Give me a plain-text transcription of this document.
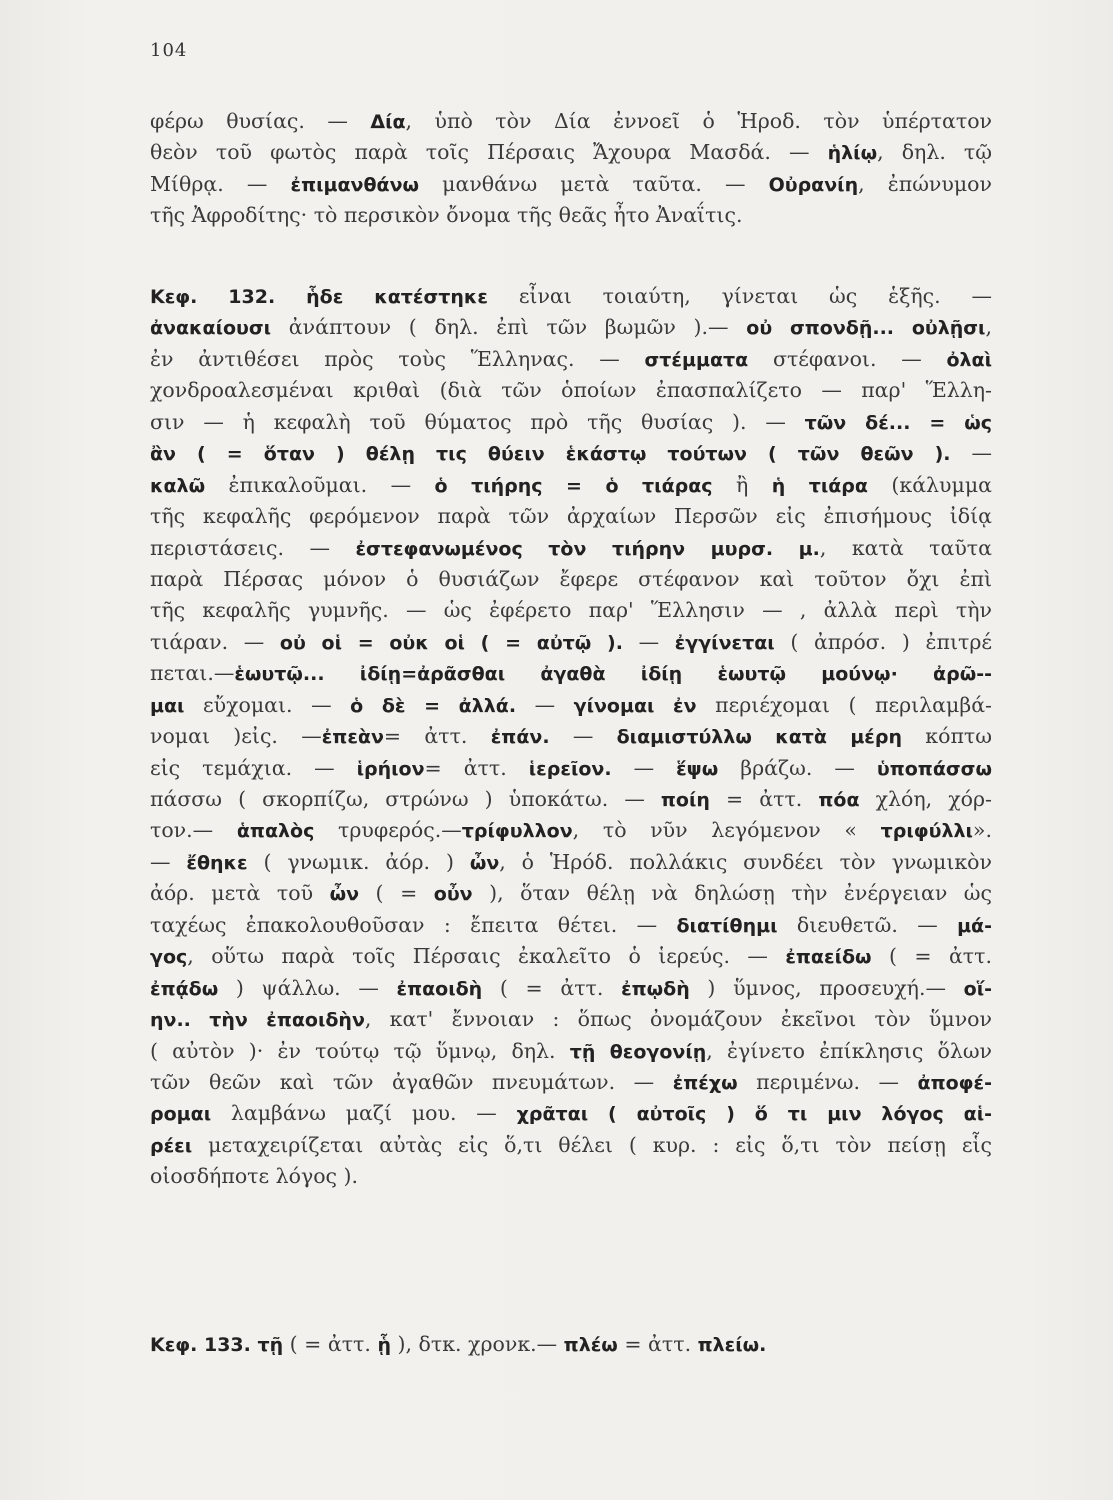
104
φέρω θυσίας. — Δία, ὑπὸ τὸν Δία ἐννοεῖ ὁ Ἡροδ. τὸν ὑπέρτατον
θεὸν τοῦ φωτὸς παρὰ τοῖς Πέρσαις Ἄχουρα Μασδά. — ἡλίῳ, δηλ. τῷ
Μίθρᾳ. — ἐπιμανθάνω μανθάνω μετὰ ταῦτα. — Οὐρανίη, ἐπώνυμον
τῆς Ἀφροδίτης· τὸ περσικὸν ὄνομα τῆς θεᾶς ἦτο Ἀναΐτις.
Κεφ. 132. ἧδε κατέστηκε εἶναι τοιαύτη, γίνεται ὡς ἑξῆς. —
ἀνακαίουσι ἀνάπτουν ( δηλ. ἐπὶ τῶν βωμῶν ).— οὐ σπονδῇ... οὐλῇσι,
ἐν ἀντιθέσει πρὸς τοὺς Ἕλληνας. — στέμματα στέφανοι. — ὀλαὶ
χονδροαλεσμέναι κριθαὶ (διὰ τῶν ὁποίων ἐπασπαλίζετο — παρ' Ἕλλη-
σιν — ἡ κεφαλὴ τοῦ θύματος πρὸ τῆς θυσίας ). — τῶν δέ... = ὡς
ἂν ( = ὅταν ) θέλῃ τις θύειν ἑκάστῳ τούτων ( τῶν θεῶν ). —
καλῶ ἐπικαλοῦμαι. — ὁ τιήρης = ὁ τιάρας ἢ ἡ τιάρα (κάλυμμα
τῆς κεφαλῆς φερόμενον παρὰ τῶν ἀρχαίων Περσῶν εἰς ἐπισήμους ἰδίᾳ
περιστάσεις. — ἐστεφανωμένος τὸν τιήρην μυρσ. μ., κατὰ ταῦτα
παρὰ Πέρσας μόνον ὁ θυσιάζων ἔφερε στέφανον καὶ τοῦτον ὄχι ἐπὶ
τῆς κεφαλῆς γυμνῆς. — ὡς ἐφέρετο παρ' Ἕλλησιν — , ἀλλὰ περὶ τὴν
τιάραν. — οὐ οἱ = οὐκ οἱ ( = αὐτῷ ). — ἐγγίνεται ( ἀπρόσ. ) ἐπιτρέ
πεται.—ἑωυτῷ... ἰδίῃ=ἀρᾶσθαι ἀγαθὰ ἰδίῃ ἑωυτῷ μούνῳ· ἀρῶ--
μαι εὔχομαι. — ὁ δὲ = ἀλλά. — γίνομαι ἐν περιέχομαι ( περιλαμβά-
νομαι )εἰς. —ἐπεὰν= ἀττ. ἐπάν. — διαμιστύλλω κατὰ μέρη κόπτω
εἰς τεμάχια. — ἱρήιον= ἀττ. ἱερεῖον. — ἕψω βράζω. — ὑποπάσσω
πάσσω ( σκορπίζω, στρώνω ) ὑποκάτω. — ποίη = ἀττ. πόα χλόη, χόρ-
τον.— ἁπαλὸς τρυφερός.—τρίφυλλον, τὸ νῦν λεγόμενον « τριφύλλι».
— ἔθηκε ( γνωμικ. ἀόρ. ) ὦν, ὁ Ἡρόδ. πολλάκις συνδέει τὸν γνωμικὸν
ἀόρ. μετὰ τοῦ ὦν ( = οὖν ), ὅταν θέλῃ νὰ δηλώσῃ τὴν ἐνέργειαν ὡς
ταχέως ἐπακολουθοῦσαν : ἔπειτα θέτει. — διατίθημι διευθετῶ. — μά-
γος, οὕτω παρὰ τοῖς Πέρσαις ἐκαλεῖτο ὁ ἱερεύς. — ἐπαείδω ( = ἀττ.
ἐπᾴδω ) ψάλλω. — ἐπαοιδὴ ( = ἀττ. ἐπῳδὴ ) ὕμνος, προσευχή.— οἵ-
ην.. τὴν ἐπαοιδὴν, κατ' ἔννοιαν : ὅπως ὀνομάζουν ἐκεῖνοι τὸν ὕμνον
( αὐτὸν )· ἐν τούτῳ τῷ ὕμνῳ, δηλ. τῇ θεογονίῃ, ἐγίνετο ἐπίκλησις ὅλων
τῶν θεῶν καὶ τῶν ἀγαθῶν πνευμάτων. — ἐπέχω περιμένω. — ἀποφέ-
ρομαι λαμβάνω μαζί μου. — χρᾶται ( αὐτοῖς ) ὅ τι μιν λόγος αἱ-
ρέει μεταχειρίζεται αὐτὰς εἰς ὅ,τι θέλει ( κυρ. : εἰς ὅ,τι τὸν πείσῃ εἷς
οἱοσδήποτε λόγος ).
Κεφ. 133. τῇ ( = ἀττ. ᾗ ), δτκ. χρονκ.— πλέω = ἀττ. πλείω.
